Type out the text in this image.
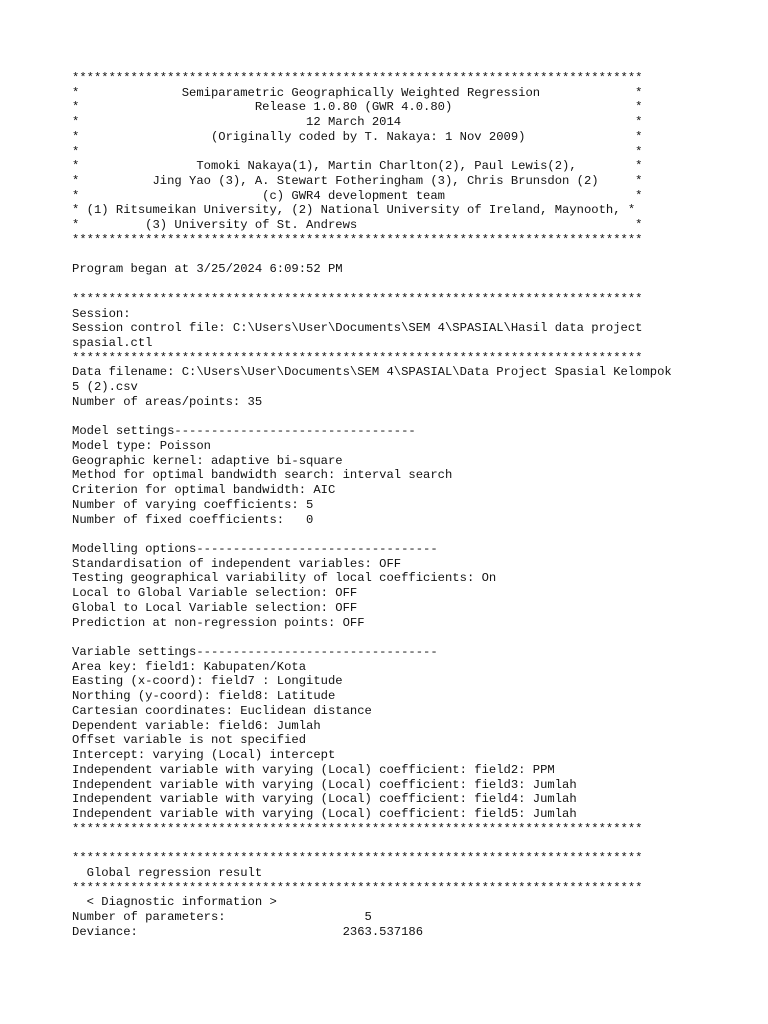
******************************************************************************
*              Semiparametric Geographically Weighted Regression             *
*                        Release 1.0.80 (GWR 4.0.80)                         *
*                               12 March 2014                                *
*                  (Originally coded by T. Nakaya: 1 Nov 2009)               *
*                                                                            *
*                Tomoki Nakaya(1), Martin Charlton(2), Paul Lewis(2),        *
*          Jing Yao (3), A. Stewart Fotheringham (3), Chris Brunsdon (2)     *
*                         (c) GWR4 development team                          *
* (1) Ritsumeikan University, (2) National University of Ireland, Maynooth, *
*         (3) University of St. Andrews                                      *
******************************************************************************
Program began at 3/25/2024 6:09:52 PM
******************************************************************************
Session:
Session control file: C:\Users\User\Documents\SEM 4\SPASIAL\Hasil data project
spasial.ctl
******************************************************************************
Data filename: C:\Users\User\Documents\SEM 4\SPASIAL\Data Project Spasial Kelompok
5 (2).csv
Number of areas/points: 35
Model settings---------------------------------
Model type: Poisson
Geographic kernel: adaptive bi-square
Method for optimal bandwidth search: interval search
Criterion for optimal bandwidth: AIC
Number of varying coefficients: 5
Number of fixed coefficients:   0
Modelling options---------------------------------
Standardisation of independent variables: OFF
Testing geographical variability of local coefficients: On
Local to Global Variable selection: OFF
Global to Local Variable selection: OFF
Prediction at non-regression points: OFF
Variable settings---------------------------------
Area key: field1: Kabupaten/Kota
Easting (x-coord): field7 : Longitude
Northing (y-coord): field8: Latitude
Cartesian coordinates: Euclidean distance
Dependent variable: field6: Jumlah
Offset variable is not specified
Intercept: varying (Local) intercept
Independent variable with varying (Local) coefficient: field2: PPM
Independent variable with varying (Local) coefficient: field3: Jumlah
Independent variable with varying (Local) coefficient: field4: Jumlah
Independent variable with varying (Local) coefficient: field5: Jumlah
******************************************************************************
******************************************************************************
Global regression result
******************************************************************************
< Diagnostic information >
Number of parameters:                   5
Deviance:                            2363.537186
